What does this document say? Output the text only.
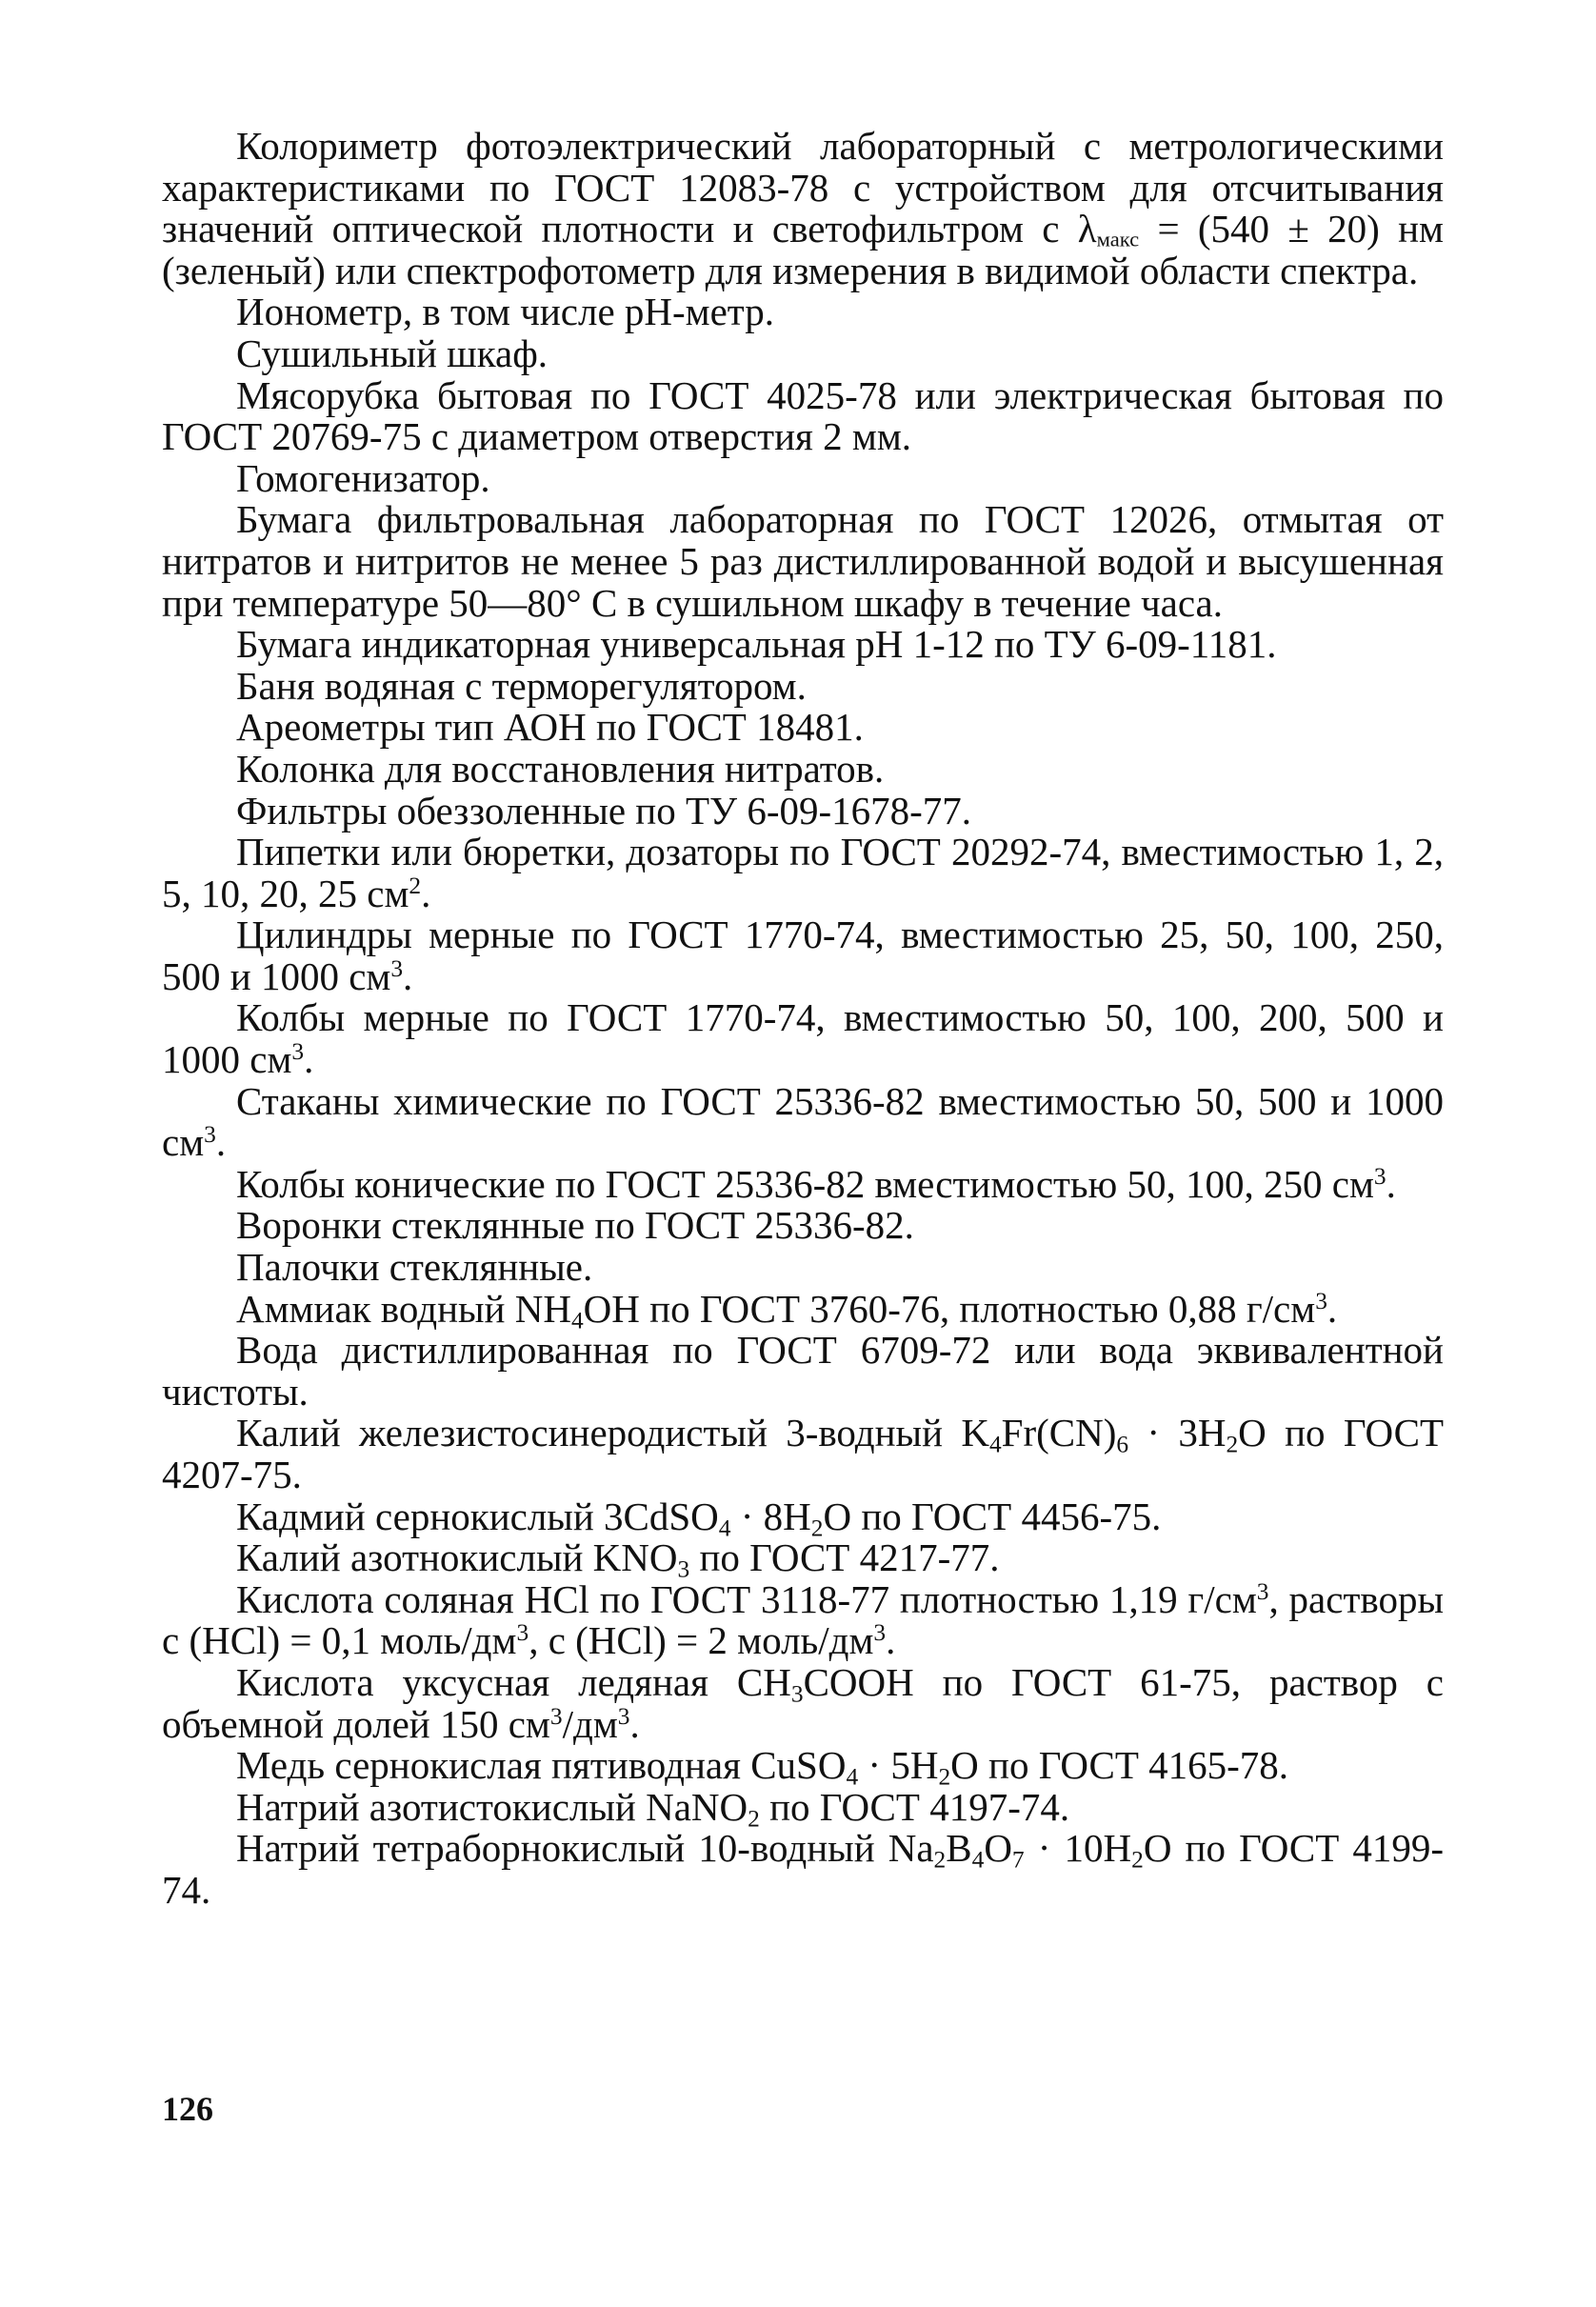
Колориметр фотоэлектрический лабораторный с метрологическими характеристиками по ГОСТ 12083-78 с устройством для отсчитывания значений оптической плотности и светофильтром с λмакс = (540 ± 20) нм (зеленый) или спектрофотометр для измерения в видимой области спектра.

Ионометр, в том числе pH-метр.

Сушильный шкаф.

Мясорубка бытовая по ГОСТ 4025-78 или электрическая бытовая по ГОСТ 20769-75 с диаметром отверстия 2 мм.

Гомогенизатор.

Бумага фильтровальная лабораторная по ГОСТ 12026, отмытая от нитратов и нитритов не менее 5 раз дистиллированной водой и высушенная при температуре 50—80° С в сушильном шкафу в течение часа.

Бумага индикаторная универсальная pH 1-12 по ТУ 6-09-1181.

Баня водяная с терморегулятором.

Ареометры тип АОН по ГОСТ 18481.

Колонка для восстановления нитратов.

Фильтры обеззоленные по ТУ 6-09-1678-77.

Пипетки или бюретки, дозаторы по ГОСТ 20292-74, вместимостью 1, 2, 5, 10, 20, 25 $см^2$.

Цилиндры мерные по ГОСТ 1770-74, вместимостью 25, 50, 100, 250, 500 и 1000 $см^3$.

Колбы мерные по ГОСТ 1770-74, вместимостью 50, 100, 200, 500 и 1000 $см^3$.

Стаканы химические по ГОСТ 25336-82 вместимостью 50, 500 и 1000 $см^3$.

Колбы конические по ГОСТ 25336-82 вместимостью 50, 100, 250 $см^3$.

Воронки стеклянные по ГОСТ 25336-82.

Палочки стеклянные.

Аммиак водный $NH_4OH$ по ГОСТ 3760-76, плотностью 0,88 $г/см^3$.

Вода дистиллированная по ГОСТ 6709-72 или вода эквивалентной чистоты.

Калий железистосинеродистый 3-водный $K_4Fr(CN)_6 \cdot 3H_2O$ по ГОСТ 4207-75.

Кадмий сернокислый 3CdSO$_4$ · $8H_2O$ по ГОСТ 4456-75.

Калий азотнокислый $KNO_3$ по ГОСТ 4217-77.

Кислота соляная HCl по ГОСТ 3118-77 плотностью 1,19 $г/см^3$, растворы с (HCl) = 0,1 моль/$дм^3$, с (HCl) = 2 моль/$дм^3$.

Кислота уксусная ледяная $CH_3COOH$ по ГОСТ 61-75, раствор с объемной долей 150 $см^3/дм^3$.

Медь сернокислая пятиводная CuSO$_4$ · $5H_2O$ по ГОСТ 4165-78.

Натрий азотистокислый NaNO$_2$ по ГОСТ 4197-74.

Натрий тетраборнокислый 10-водный $Na_2B_4O_7 \cdot 10H_2O$ по ГОСТ 4199-74.

126
